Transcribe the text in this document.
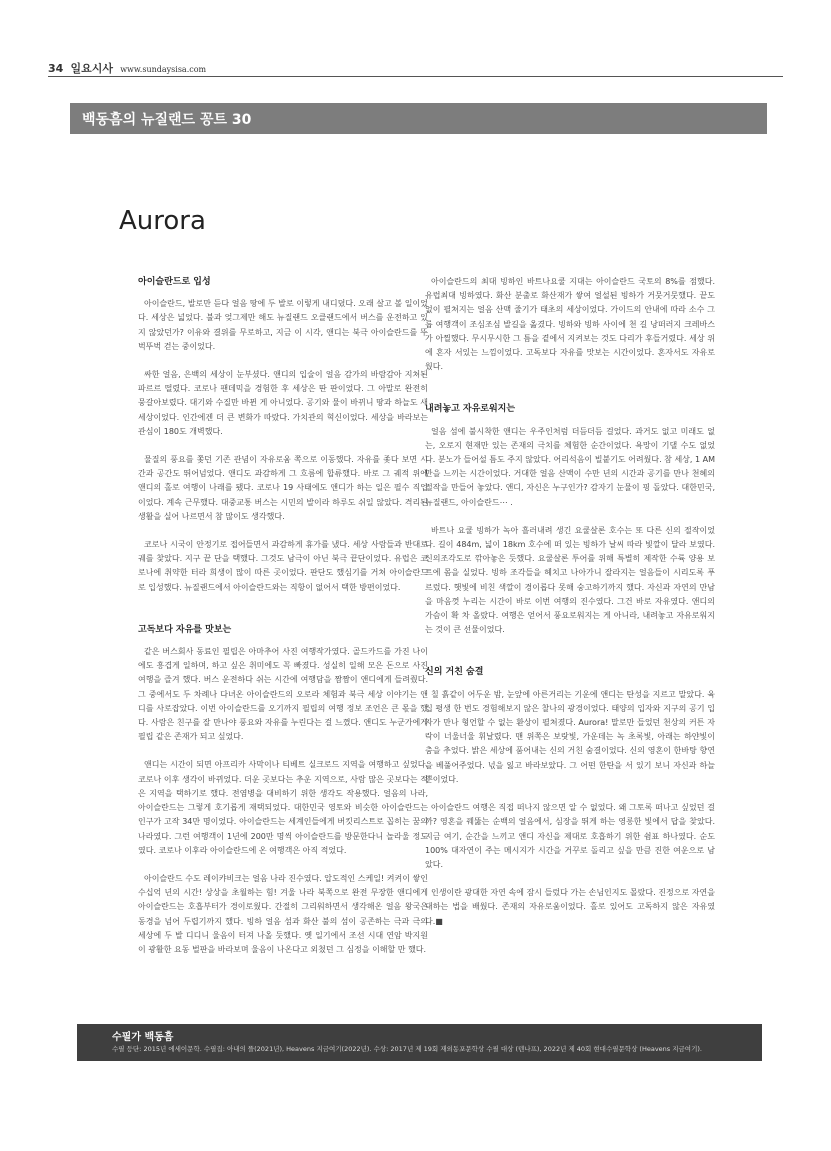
34 일요시사 www.sundaysisa.com
백동흠의 뉴질랜드 꽁트 30
Aurora

아이슬란드로 입성

아이슬란드, 발로만 듣다 얼음 땅에 두 발로 이렇게 내디뎠다. 오래 살고 볼 일이었다. 세상은 넓었다. 불과 엊그제만 해도 뉴질랜드 오클랜드에서 버스를 운전하고 있지 않았던가? 이유와 결위를 무로하고, 지금 이 시각, 앤디는 북극 아이슬란드를 뚜벅뚜벅 걷는 중이었다.

싸한 얼음, 은백의 세상이 눈부셨다. 앤디의 입술이 얼음 감가의 바람감아 지쳐된 파르르 떨렸다. 코로나 팬데믹을 경험한 후 세상은 딴 판이었다. 그 아말로 완전히 뭉갈아보렸다. 대기와 수질만 바뀐 게 아니었다. 공기와 물이 바뀌니 땅과 하늘도 새 세상이었다. 인간에겐 더 큰 변화가 따랐다. 가치관의 혁신이었다. 세상을 바라보는 관심이 180도 개벽했다.

물질의 풍요를 쫓던 기존 관념이 자유로움 쪽으로 이동했다. 자유를 좇다 보면 시간과 공간도 뛰어넘었다. 앤디도 과감하게 그 흐름에 합류했다. 바로 그 궤적 위에 앤디의 홀로 여행이 나래를 됐다. 코로나 19 사태에도 앤디가 하는 일은 필수 직업이었다. 계속 근무했다. 대중교통 버스는 시민의 발이라 하루도 쉬일 않았다. 격리된 생활을 실어 나르면서 참 많이도 생각했다.

코로나 시국이 안정기로 접어들면서 과감하게 휴가를 냈다. 세상 사람들과 반대로 궤를 찾았다. 지구 끝 단을 택했다. 그것도 남극이 아닌 북극 끝단이었다. 유럽은 코로나에 취약한 터라 희생이 많이 따른 곳이었다. 판단도 했심기를 거쳐 아이슬란드로 입성했다. 뉴질랜드에서 아이슬란드와는 직항이 없어서 택한 방편이었다.

고독보다 자유를 맛보는

같은 버스회사 동료인 필립은 아마추어 사진 여행작가였다. 골드카드를 가진 나이에도 흥겹게 일하며, 하고 싶은 취미에도 꼭 빠졌다. 성실히 일해 모은 돈으로 사진 여행을 즐겨 했다. 버스 운전하다 쉬는 시간에 여행담을 짬짬이 앤디에게 들려줬다. 그 중에서도 두 차례나 다녀온 아이슬란드의 오로라 체험과 북극 세상 이야기는 앤디를 사로잡았다. 이번 아이슬란드를 오기까지 필립의 여행 정보 조언은 큰 몫을 했다. 사람은 친구를 잘 만나야 풍요와 자유를 누린다는 걸 느꼈다. 앤디도 누군가에게 필립 같은 존재가 되고 싶었다.

앤디는 시간이 되면 아프리카 사막이나 티베트 실크로드 지역을 여행하고 싶었다. 코로나 이후 생각이 바뀌었다. 더운 곳보다는 추운 지역으로, 사람 많은 곳보다는 적은 지역을 택하기로 했다. 전염병을 대비하기 위한 생각도 작용했다. 얼음의 나라, 아이슬란드는 그렇게 호기롭게 재택되었다. 대한민국 영토와 비슷한 아이슬란드는 인구가 고작 34만 명이었다. 아이슬란드는 세계인들에게 버킷리스트로 꼽히는 꿈의 나라였다. 그런 여행객이 1년에 200만 명씩 아이슬란드를 방문한다니 놀라울 정도였다. 코로나 이후라 아이슬란드에 온 여행객은 아직 적었다.

아이슬란드 수도 레이캬비크는 얼음 나라 진수였다. 압도적인 스케일! 켜켜이 쌓인 수십억 년의 시간! 상상을 초월하는 힘! 겨울 나라 북쪽으로 완전 무장한 앤디에게 아이슬란드는 호흡부터가 경이로웠다. 간절히 그리워하면서 생각해온 얼음 왕국은 동경을 넘어 두렵기까지 했다. 빙하 얼음 섬과 화산 불의 섬이 공존하는 극과 극의 세상에 두 발 디디니 울음이 터져 나올 듯했다. 옛 일기에서 조선 시대 연암 박지원이 광활한 요동 벌판을 바라보며 울음이 나온다고 외쳤던 그 심정을 이해할 만 했다.

아이슬란드의 최대 빙하인 바트나요쿨 지대는 아이슬란드 국토의 8%를 점했다. 유럽최대 빙하였다. 화산 분출로 화산재가 쌓여 얼설된 빙하가 거뭇거뭇했다. 끝도 없이 펼쳐지는 얼음 산맥 줄기가 태초의 세상이었다. 가이드의 안내에 따라 소수 그룹 여행객이 조심조심 발길을 옮겼다. 빙하와 빙하 사이에 천 길 낭떠러지 크레바스가 아찔했다. 무시무시한 그 틈을 곁에서 지켜보는 것도 다리가 후들거렸다. 세상 위에 혼자 서있는 느낌이었다. 고독보다 자유를 맛보는 시간이었다. 혼자서도 자유로웠다.

내려놓고 자유로워지는

얼음 섬에 불시착한 앤디는 우주인처럼 더듬더듬 걸었다. 과거도 없고 미래도 없는, 오로지 현재만 있는 존재의 극치를 체험한 순간이었다. 욕망이 기댈 수도 없었다. 분노가 들어설 틈도 주지 않았다. 어리석음이 빌붙기도 어려웠다. 참 세상, 1 AM만을 느끼는 시간이었다. 거대한 얼음 산맥이 수만 년의 시간과 공기를 만나 천혜의 절작을 만들어 놓았다. 앤디, 자신은 누구인가? 감자기 눈물이 핑 돌았다. 대한민국, 뉴질랜드, 아이슬란드⋯ .

바트나 요쿨 빙하가 녹아 흘러내려 생긴 요쿨살론 호수는 또 다른 신의 절작이었다. 길이 484m, 넓이 18km 호수에 떠 있는 빙하가 날씨 따라 빛깔이 달라 보였다. 신의조각도로 깎아놓은 듯했다. 요쿨살론 투어를 위해 특별히 제작한 수륙 양용 보트에 몸을 실었다. 빙하 조각들을 헤치고 나아가니 잘라지는 얼음들이 시리도록 푸르렀다. 햇빛에 비친 색깔이 경이롭다 못해 숭고하기까지 했다. 자신과 자연의 만남을 마음껏 누리는 시간이 바로 이번 여행의 진수였다. 그건 바로 자유였다. 앤디의 가슴이 확 차 올랐다. 여행은 얻어서 풍요로워지는 게 아니라, 내려놓고 자유로워지는 것이 큰 선물이었다.

신의 거친 숨결

칠 흙같이 어두운 밤, 눈앞에 아른거리는 기운에 앤디는 탄성을 지르고 말았다. 육십 평생 한 번도 경험해보지 않은 찰나의 광경이었다. 태양의 입자와 지구의 공기 입자가 만나 형언할 수 없는 환상이 펼쳐졌다. Aurora! 말로만 들었던 천상의 커튼 자락이 너울너울 휘날렸다. 맨 위쪽은 보랏빛, 가운데는 녹 초록빛, 아래는 하얀빛이 춤을 추었다. 밝은 세상에 품어내는 신의 거친 숨결이었다. 신의 영혼이 한바탕 향연을 베풀어주었다. 넋을 잃고 바라보았다. 그 어떤 한탄을 서 있기 보니 자신과 하늘뿐이었다.

아이슬란드 여행은 직접 떠나지 않으면 알 수 없었다. 왜 그토록 떠나고 싶었던 걸까? 영혼을 꿰뚫는 순백의 얼음에서, 심장을 뛰게 하는 영롱한 빛에서 답을 찾았다. 지금 여기, 순간을 느끼고 앤디 자신을 제대로 호흡하기 위한 쉼표 하나였다. 순도 100% 대자연이 주는 메시지가 시간을 거꾸로 돌리고 싶을 만큼 진한 여운으로 남았다.

인생이란 광대한 자연 속에 잠시 들렀다 가는 손님인지도 몰랐다. 진정으로 자연을 대하는 법을 배웠다. 존재의 자유로움이었다. 홀로 있어도 고독하지 않은 자유였다.■

수필가 백동흠
수필 등단: 2015년 에세이문학. 수필집: 아내의 뜰(2021년), Heavens 지금여기(2022년). 수상: 2017년 제 19회 재외동포문학상 수필 대상 (텐나프), 2022년 제 40회 현대수필문학상 (Heavens 지금여기).
